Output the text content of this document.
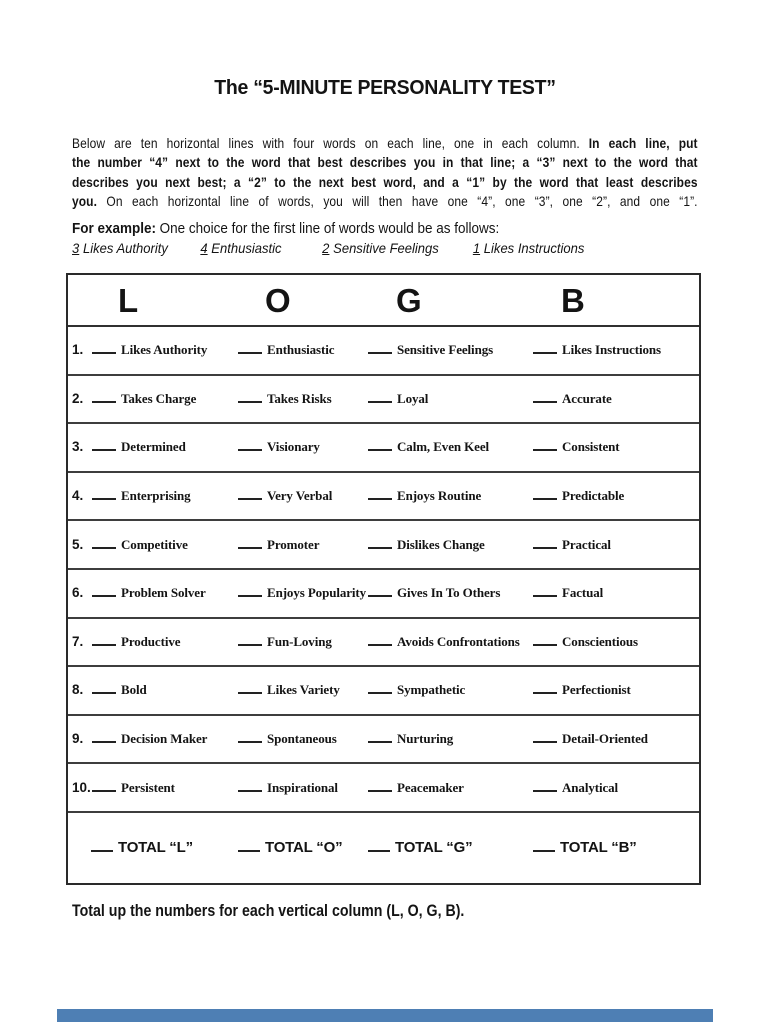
The “5-MINUTE PERSONALITY TEST”
Below are ten horizontal lines with four words on each line, one in each column. In each line, put
the number “4” next to the word that best describes you in that line; a “3” next to the word that
describes you next best; a “2” to the next best word, and a “1” by the word that least describes
you. On each horizontal line of words, you will then have one “4”, one “3”, one “2”, and one “1”.
For example: One choice for the first line of words would be as follows:
3 Likes Authority	4 Enthusiastic	2 Sensitive Feelings	1 Likes Instructions
L	O	G	B
1.	Likes Authority	Enthusiastic	Sensitive Feelings	Likes Instructions
2.	Takes Charge	Takes Risks	Loyal	Accurate
3.	Determined	Visionary	Calm, Even Keel	Consistent
4.	Enterprising	Very Verbal	Enjoys Routine	Predictable
5.	Competitive	Promoter	Dislikes Change	Practical
6.	Problem Solver	Enjoys Popularity	Gives In To Others	Factual
7.	Productive	Fun-Loving	Avoids Confrontations	Conscientious
8.	Bold	Likes Variety	Sympathetic	Perfectionist
9.	Decision Maker	Spontaneous	Nurturing	Detail-Oriented
10. Persistent	Inspirational	Peacemaker	Analytical
TOTAL “L”	TOTAL “O”	TOTAL “G”	TOTAL “B”
Total up the numbers for each vertical column (L, O, G, B).
